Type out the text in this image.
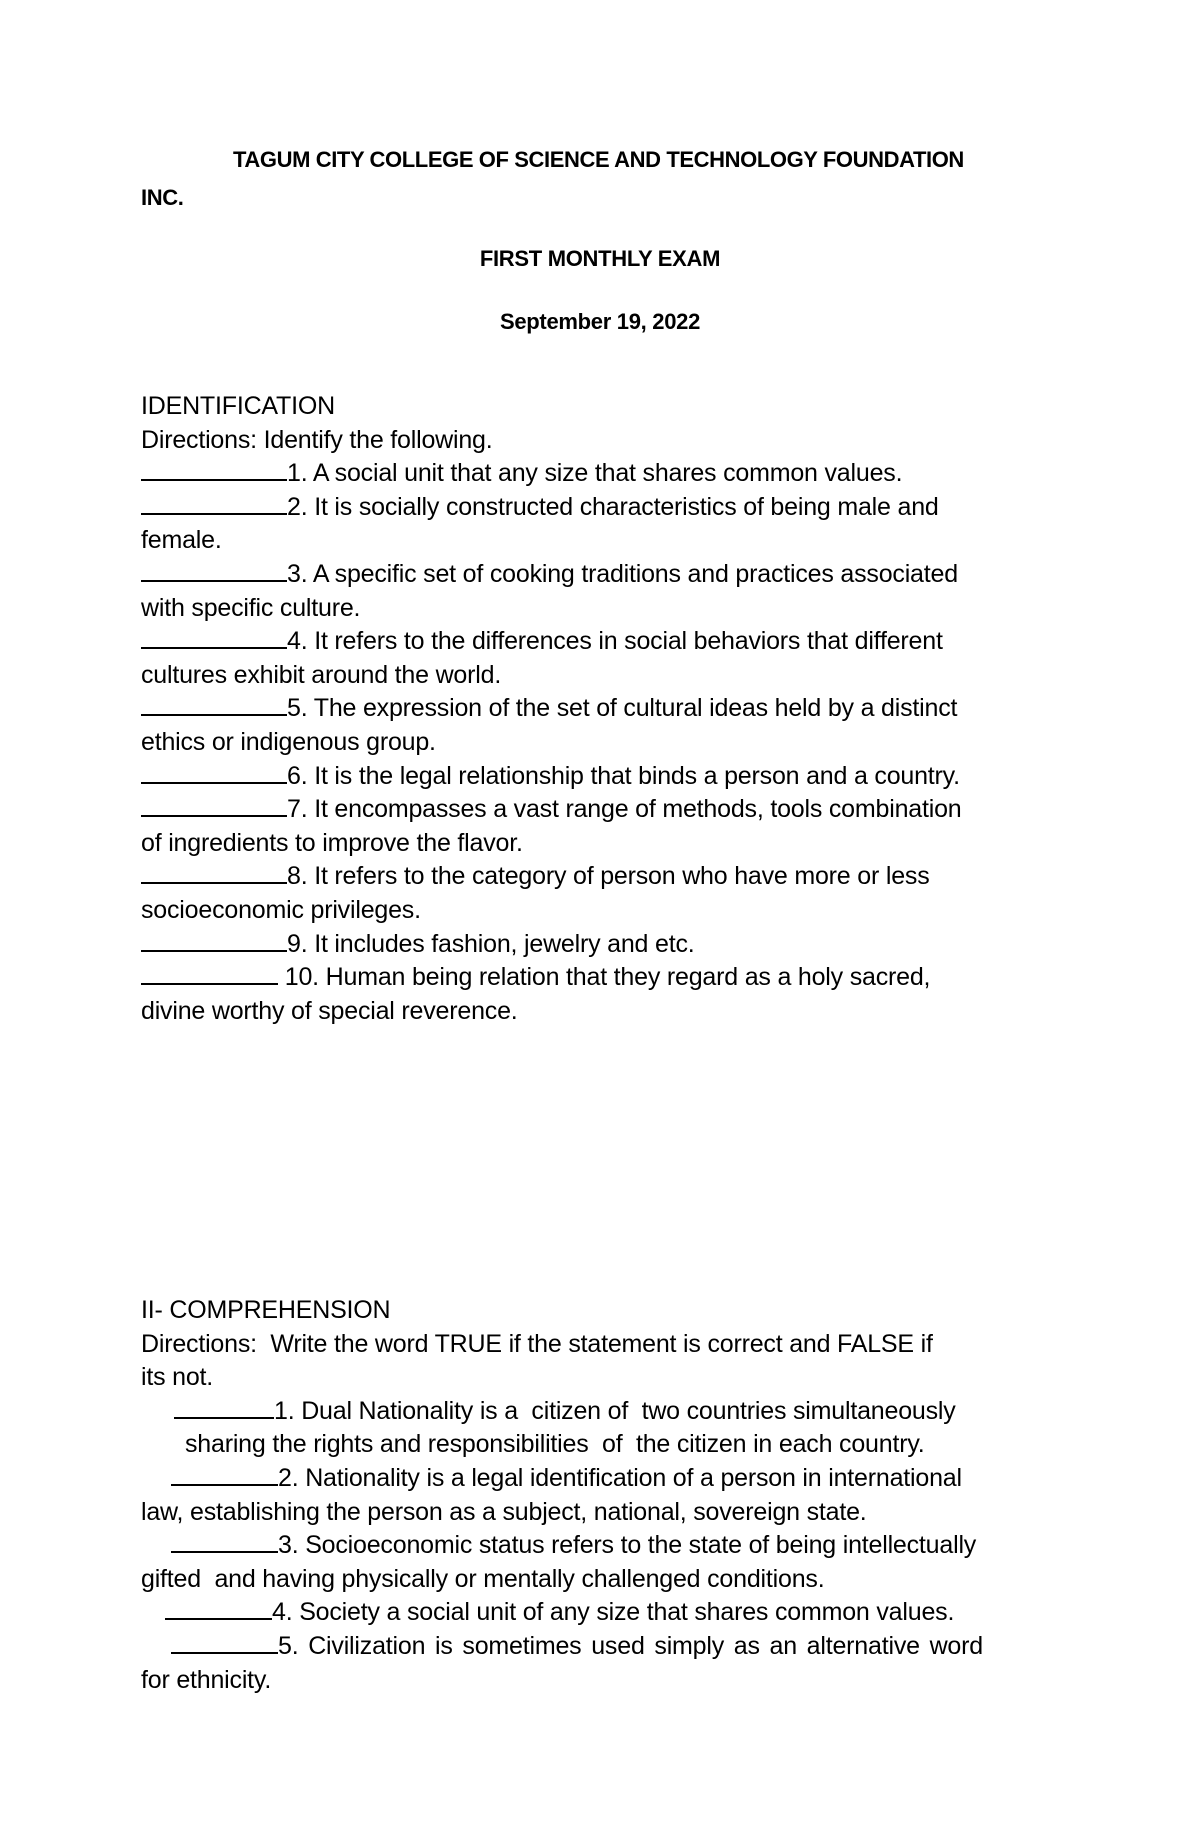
TAGUM CITY COLLEGE OF SCIENCE AND TECHNOLOGY FOUNDATION
INC.
FIRST MONTHLY EXAM
September 19, 2022
IDENTIFICATION
Directions: Identify the following.
1. A social unit that any size that shares common values.
2. It is socially constructed characteristics of being male and
female.
3. A specific set of cooking traditions and practices associated
with specific culture.
4. It refers to the differences in social behaviors that different
cultures exhibit around the world.
5. The expression of the set of cultural ideas held by a distinct
ethics or indigenous group.
6. It is the legal relationship that binds a person and a country.
7. It encompasses a vast range of methods, tools combination
of ingredients to improve the flavor.
8. It refers to the category of person who have more or less
socioeconomic privileges.
9. It includes fashion, jewelry and etc.
10. Human being relation that they regard as a holy sacred,
divine worthy of special reverence.
II- COMPREHENSION
Directions:  Write the word TRUE if the statement is correct and FALSE if
its not.
1. Dual Nationality is a  citizen of  two countries simultaneously
sharing the rights and responsibilities  of  the citizen in each country.
2. Nationality is a legal identification of a person in international
law, establishing the person as a subject, national, sovereign state.
3. Socioeconomic status refers to the state of being intellectually
gifted  and having physically or mentally challenged conditions.
4. Society a social unit of any size that shares common values.
5. Civilization is sometimes used simply as an alternative word
for ethnicity.
